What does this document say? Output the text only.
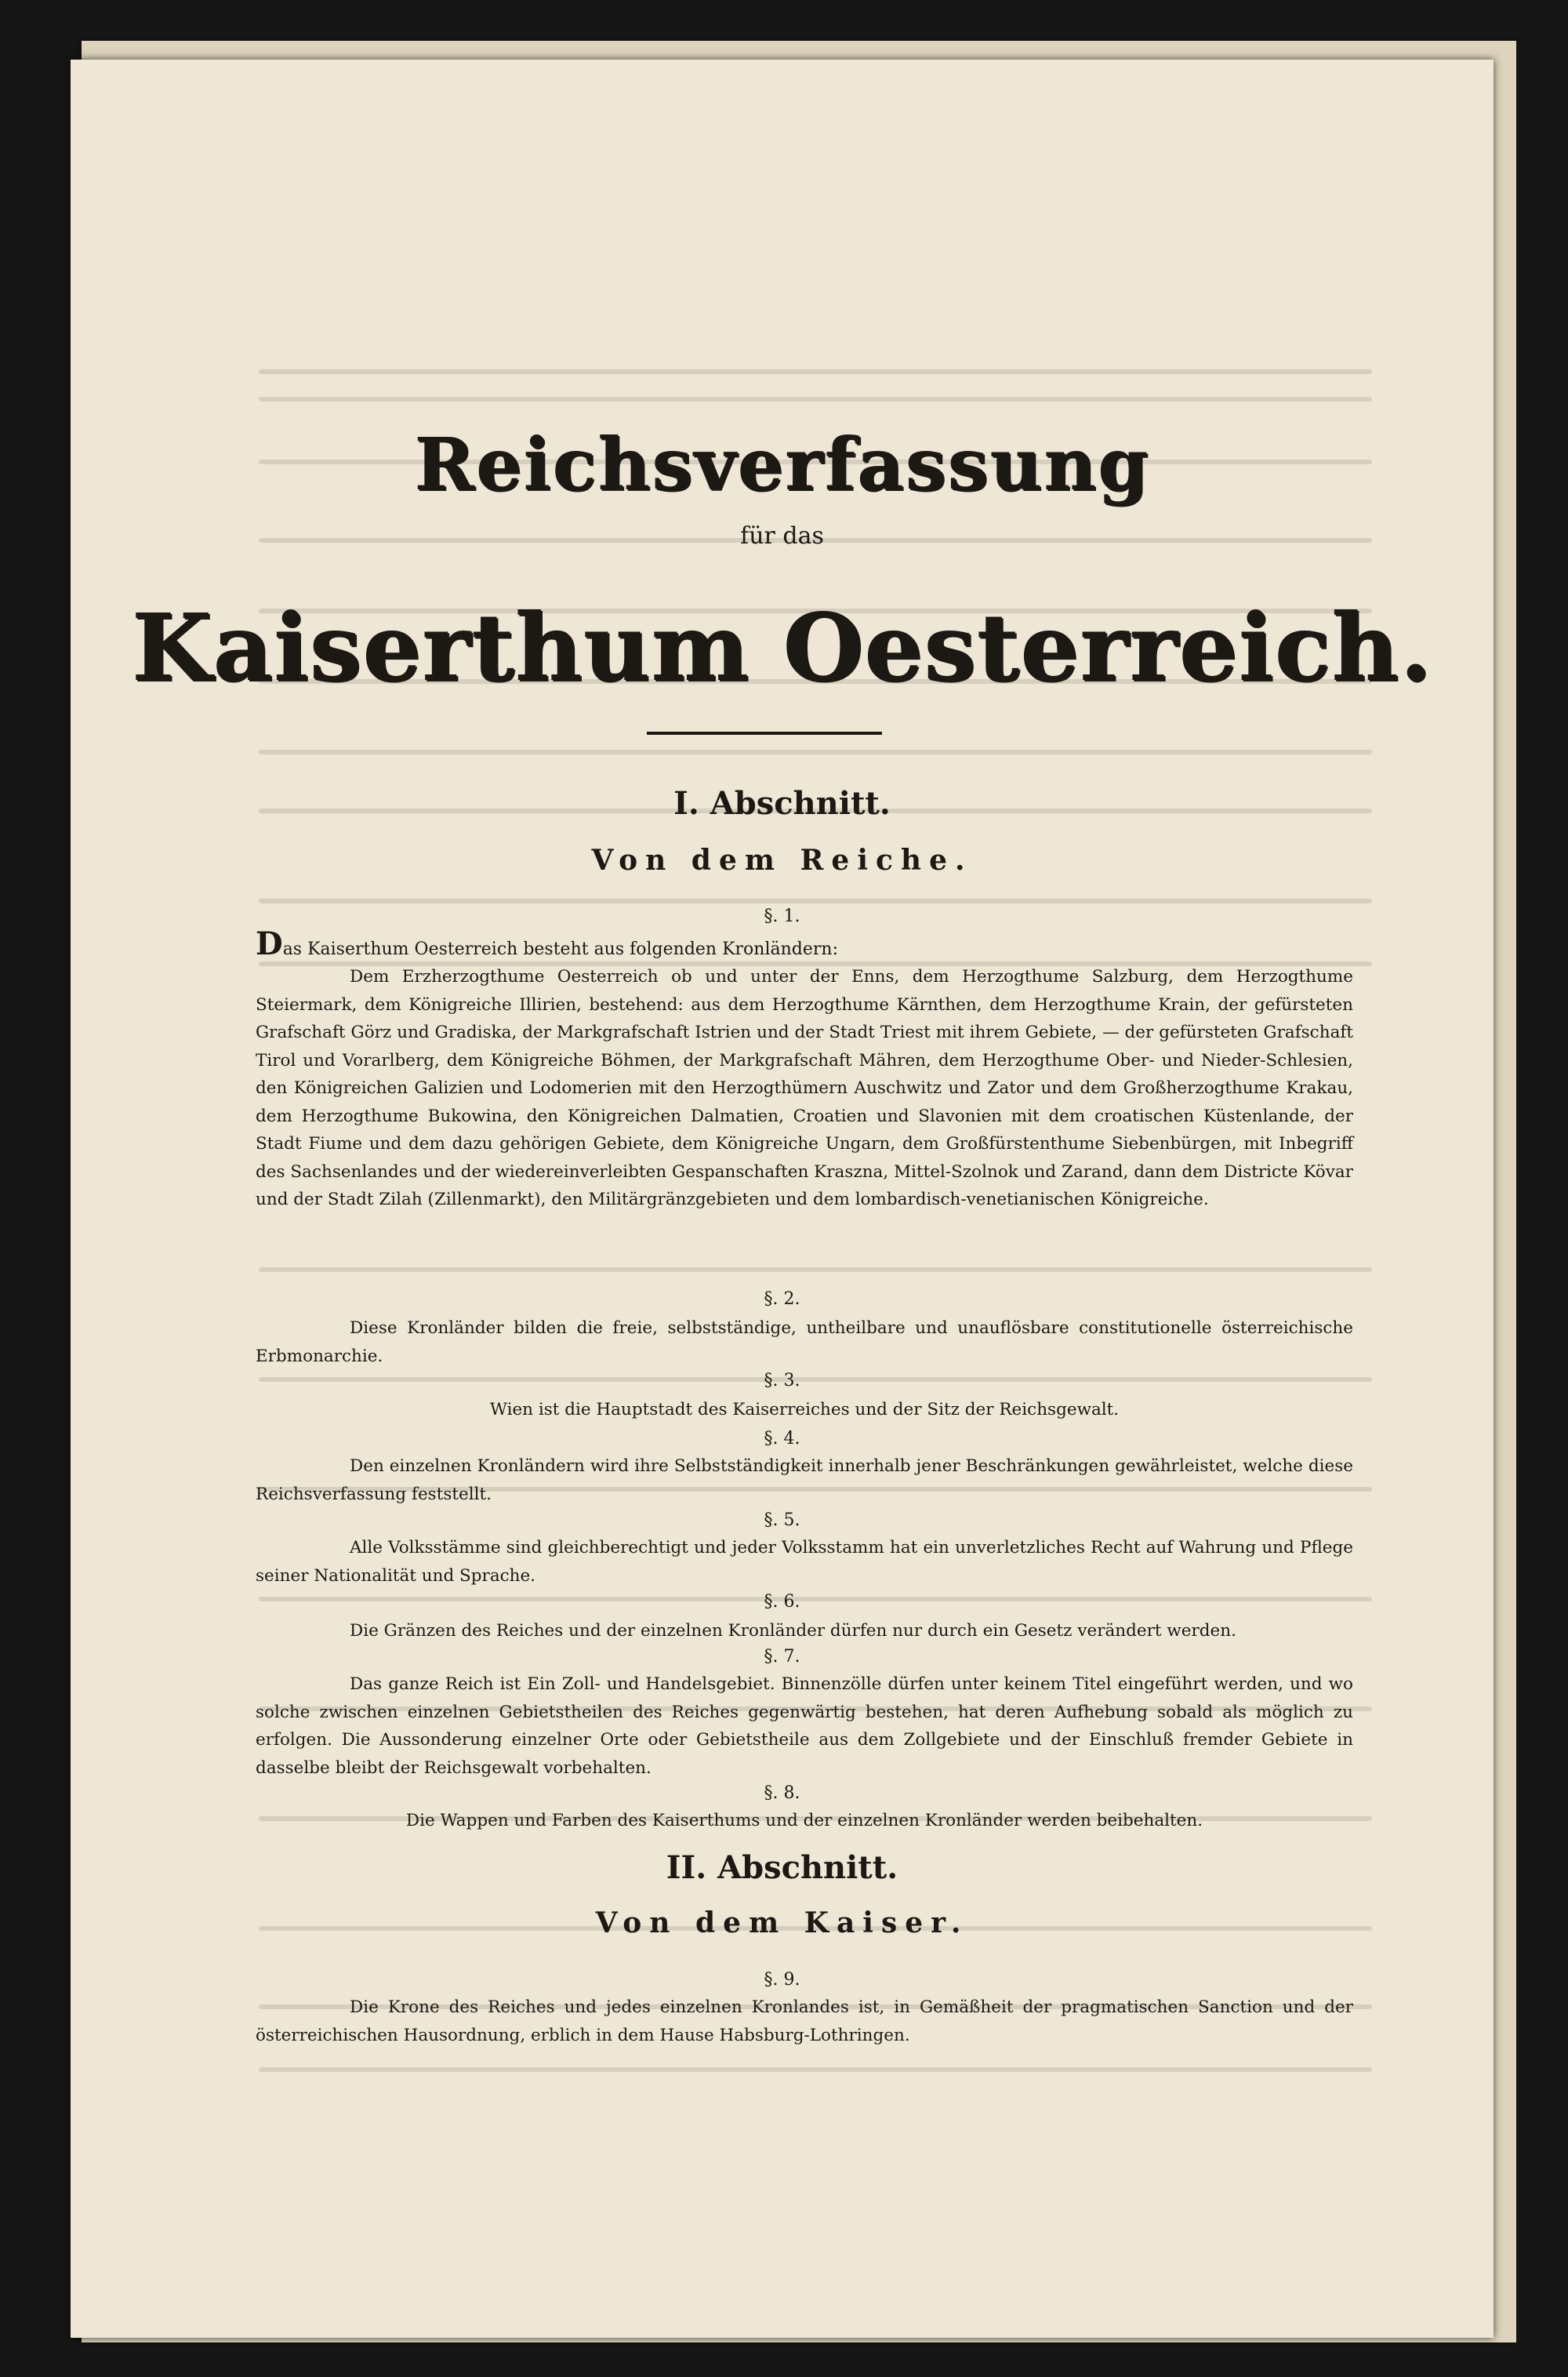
Reichsverfassung
für das
Kaiserthum Oesterreich.
I. Abschnitt.
Von dem Reiche.
§. 1.
Das Kaiserthum Oesterreich besteht aus folgenden Kronländern:
Dem Erzherzogthume Oesterreich ob und unter der Enns, dem Herzogthume Salzburg, dem Herzogthume Steiermark, dem Königreiche Illirien, bestehend: aus dem Herzogthume Kärnthen, dem Herzogthume Krain, der gefürsteten Grafschaft Görz und Gradiska, der Markgrafschaft Istrien und der Stadt Triest mit ihrem Gebiete, — der gefürsteten Grafschaft Tirol und Vorarlberg, dem Königreiche Böhmen, der Markgrafschaft Mähren, dem Herzogthume Ober- und Nieder-Schlesien, den Königreichen Galizien und Lodomerien mit den Herzogthümern Auschwitz und Zator und dem Großherzogthume Krakau, dem Herzogthume Bukowina, den Königreichen Dalmatien, Croatien und Slavonien mit dem croatischen Küstenlande, der Stadt Fiume und dem dazu gehörigen Gebiete, dem Königreiche Ungarn, dem Großfürstenthume Siebenbürgen, mit Inbegriff des Sachsenlandes und der wiedereinverleibten Gespanschaften Kraszna, Mittel-Szolnok und Zarand, dann dem Districte Kövar und der Stadt Zilah (Zillenmarkt), den Militärgränzgebieten und dem lombardisch-venetianischen Königreiche.
§. 2.
Diese Kronländer bilden die freie, selbstständige, untheilbare und unauflösbare constitutionelle österreichische Erbmonarchie.
§. 3.
Wien ist die Hauptstadt des Kaiserreiches und der Sitz der Reichsgewalt.
§. 4.
Den einzelnen Kronländern wird ihre Selbstständigkeit innerhalb jener Beschränkungen gewährleistet, welche diese Reichsverfassung feststellt.
§. 5.
Alle Volksstämme sind gleichberechtigt und jeder Volksstamm hat ein unverletzliches Recht auf Wahrung und Pflege seiner Nationalität und Sprache.
§. 6.
Die Gränzen des Reiches und der einzelnen Kronländer dürfen nur durch ein Gesetz verändert werden.
§. 7.
Das ganze Reich ist Ein Zoll- und Handelsgebiet. Binnenzölle dürfen unter keinem Titel eingeführt werden, und wo solche zwischen einzelnen Gebietstheilen des Reiches gegenwärtig bestehen, hat deren Aufhebung sobald als möglich zu erfolgen. Die Aussonderung einzelner Orte oder Gebietstheile aus dem Zollgebiete und der Einschluß fremder Gebiete in dasselbe bleibt der Reichsgewalt vorbehalten.
§. 8.
Die Wappen und Farben des Kaiserthums und der einzelnen Kronländer werden beibehalten.
II. Abschnitt.
Von dem Kaiser.
§. 9.
Die Krone des Reiches und jedes einzelnen Kronlandes ist, in Gemäßheit der pragmatischen Sanction und der österreichischen Hausordnung, erblich in dem Hause Habsburg-Lothringen.
